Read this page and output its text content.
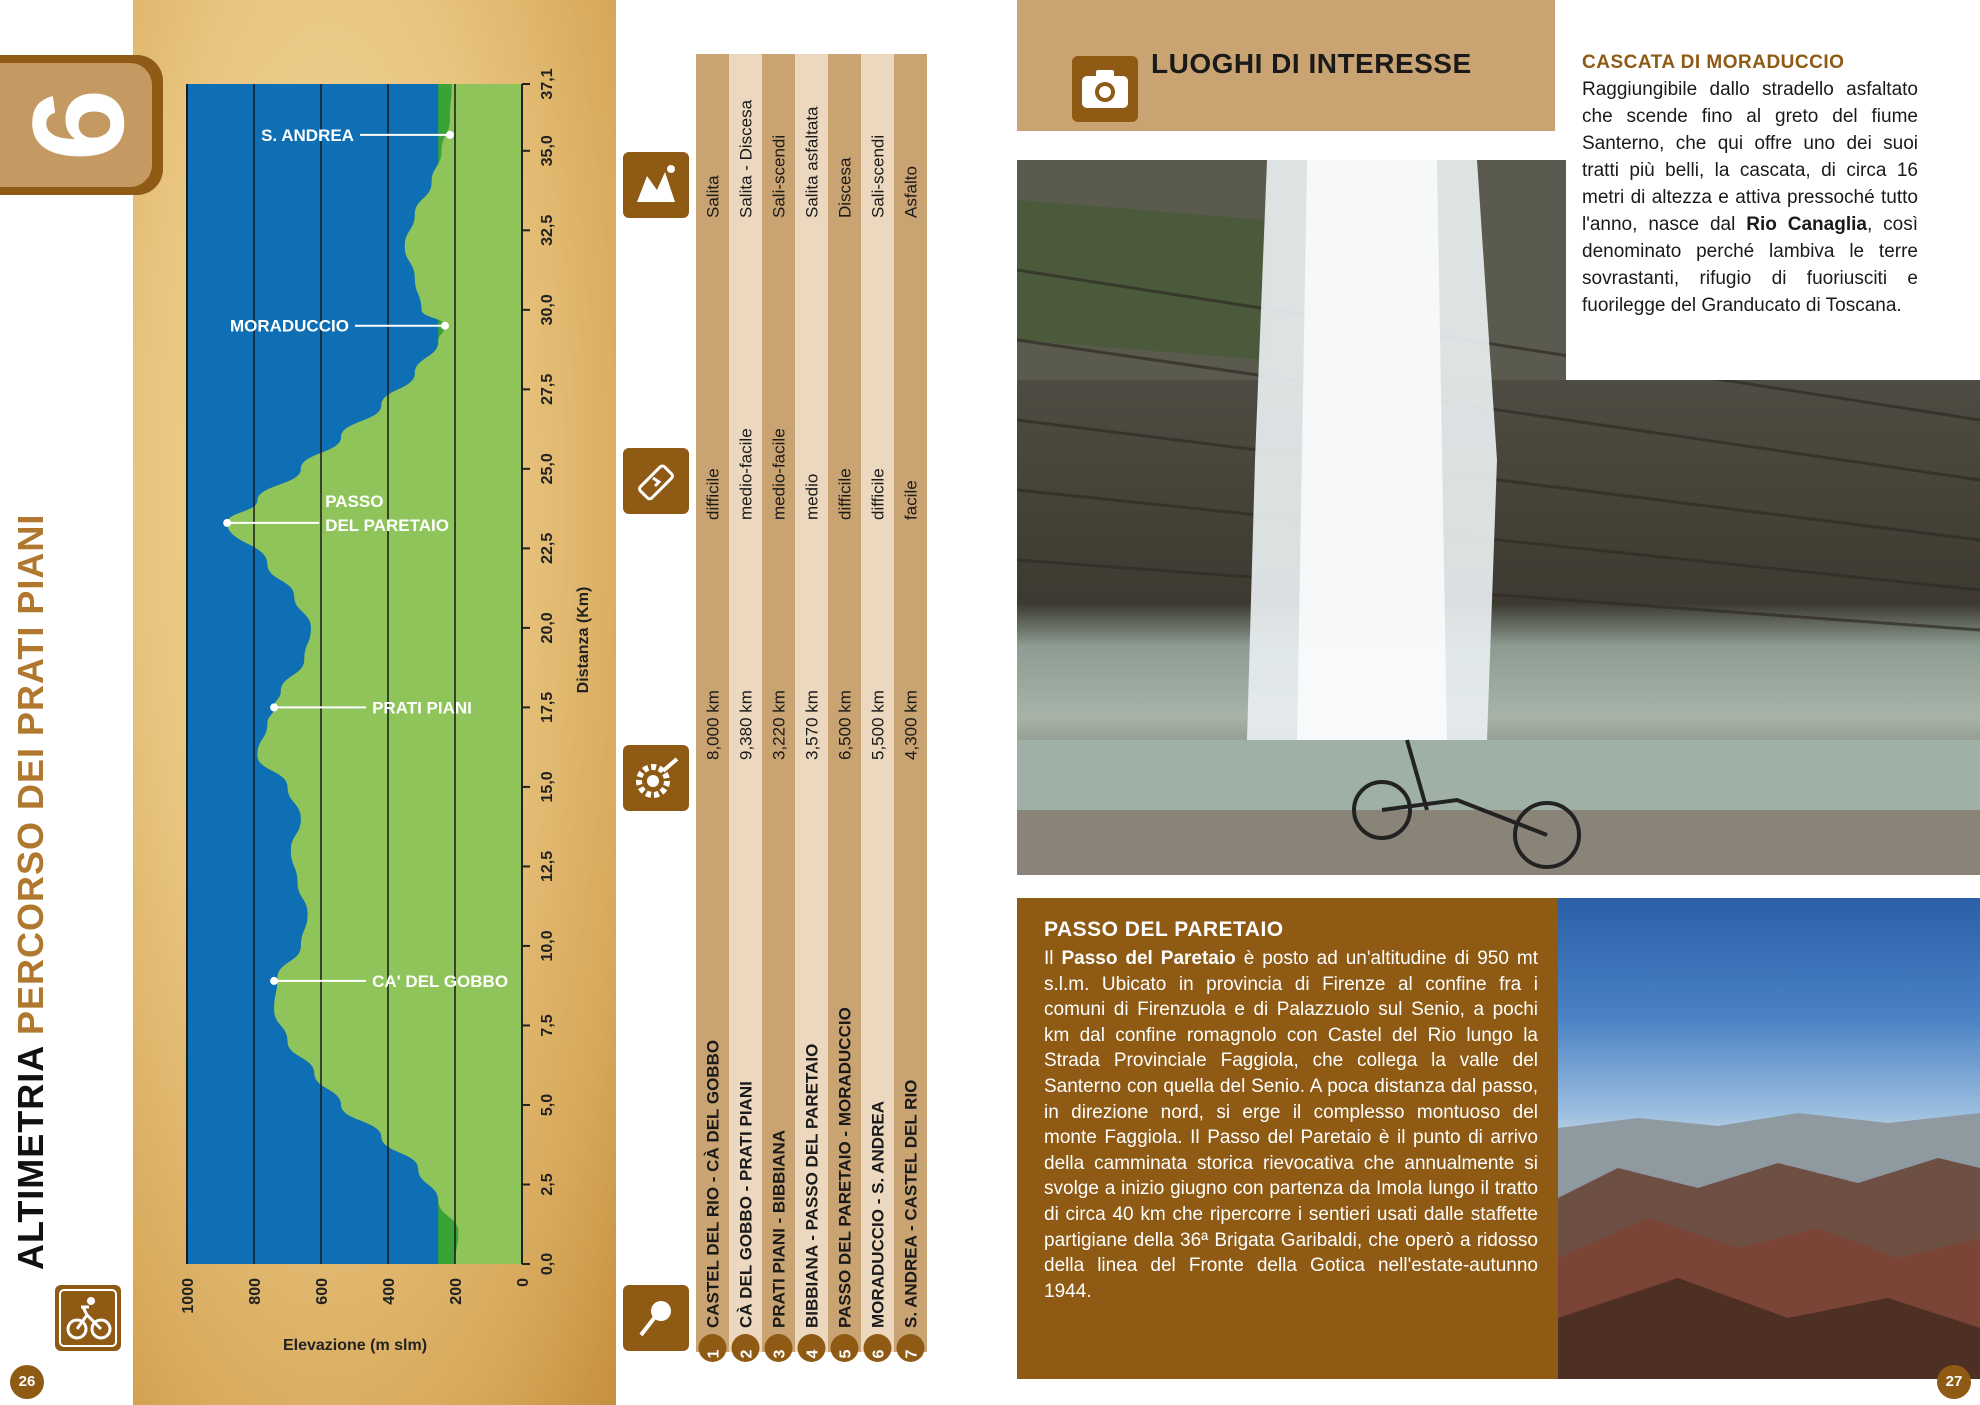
6
ALTIMETRIA PERCORSO DEI PRATI PIANI
0,0
2,5
5,0
7,5
10,0
12,5
15,0
17,5
20,0
22,5
25,0
27,5
30,0
32,5
35,0
37,1
0
200
400
600
800
1000
CA' DEL GOBBO
PRATI PIANI
PASSO
DEL PARETAIO
MORADUCCIO
S. ANDREA
Distanza (Km)
Elevazione (m slm)	1
CASTEL DEL RIO - CÀ DEL GOBBO
8,000 km
difficile
Salita
2
CÀ DEL GOBBO - PRATI PIANI
9,380 km
medio-facile
Salita - Discesa
3
PRATI PIANI - BIBBIANA
3,220 km
medio-facile
Sali-scendi
4
BIBBIANA - PASSO DEL PARETAIO
3,570 km
medio
Salita asfaltata
5
PASSO DEL PARETAIO - MORADUCCIO
6,500 km
difficile
Discesa
6
MORADUCCIO - S. ANDREA
5,500 km
difficile
Sali-scendi
7
S. ANDREA - CASTEL DEL RIO
4,300 km
facile
Asfalto
26
LUOGHI DI INTERESSE	CASCATA DI MORADUCCIO
Raggiungibile dallo stradello asfaltato che scende fino al greto del fiume Santerno, che qui offre uno dei suoi tratti più belli, la cascata, di circa 16 metri di altezza e attiva pressoché tutto l'anno, nasce dal Rio Canaglia, così denominato perché lambiva le terre sovrastanti, rifugio di fuoriusciti e fuorilegge del Granducato di Toscana.
PASSO DEL PARETAIO
Il Passo del Paretaio è posto ad un'altitudine di 950 mt s.l.m. Ubicato in provincia di Firenze al confine fra i comuni di Firenzuola e di Palazzuolo sul Senio, a pochi km dal confine romagnolo con Castel del Rio lungo la Strada Provinciale Faggiola, che collega la valle del Santerno con quella del Senio. A poca distanza dal passo, in direzione nord, si erge il complesso montuoso del monte Faggiola. Il Passo del Paretaio è il punto di arrivo della camminata storica rievocativa che annualmente si svolge a inizio giugno con partenza da Imola lungo il tratto di circa 40 km che ripercorre i sentieri usati dalle staffette partigiane della 36ª Brigata Garibaldi, che operò a ridosso della linea del Fronte della Gotica nell'estate-autunno 1944.
27
